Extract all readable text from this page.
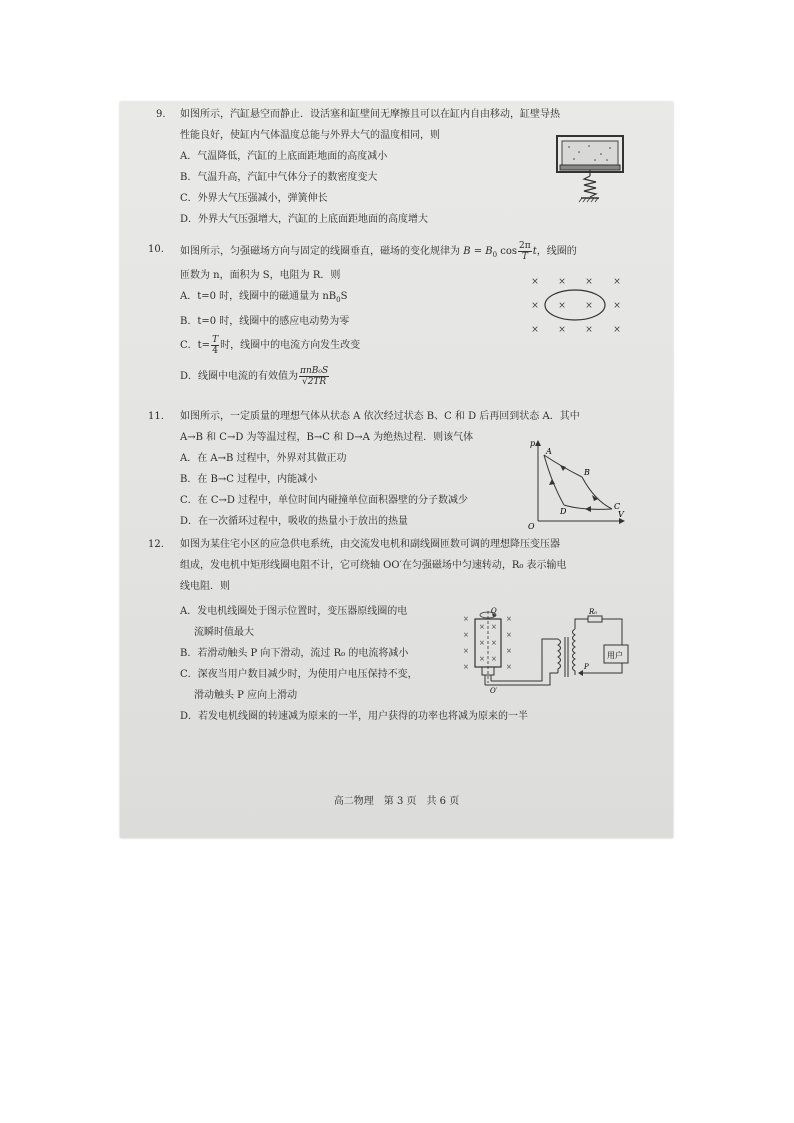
9. 如图所示，汽缸悬空而静止．设活塞和缸壁间无摩擦且可以在缸内自由移动，缸壁导热
性能良好，使缸内气体温度总能与外界大气的温度相同，则
A．气温降低，汽缸的上底面距地面的高度减小
B．气温升高，汽缸中气体分子的数密度变大
C．外界大气压强减小，弹簧伸长
D．外界大气压强增大，汽缸的上底面距地面的高度增大
10. 如图所示，匀强磁场方向与固定的线圈垂直，磁场的变化规律为 $B = B_0$ $\cos \frac{2\pi}{T}$ t，线圈的
匝数为 n，面积为 S，电阻为 R．则
A．t=0 时，线圈中的磁通量为 $nB_0S$
B．t=0 时，线圈中的感应电动势为零
C．$t= \frac{T}{4}$ 时，线圈中的电流方向发生改变
D．线圈中电流的有效值为 $\frac{\text{πnB₀S}}{√2TR}$
× × × ×
× × × ×
× × × ×
11. 如图所示，一定质量的理想气体从状态 A 依次经过状态 B、C 和 D 后再回到状态 A．其中
A→B 和 C→D 为等温过程，B→C 和 D→A 为绝热过程．则该气体
A．在 A→B 过程中，外界对其做正功
B．在 B→C 过程中，内能减小
C．在 C→D 过程中，单位时间内碰撞单位面积器壁的分子数减少
D．在一次循环过程中，吸收的热量小于放出的热量
p
V
O
A
B
C
D
12. 如图为某住宅小区的应急供电系统，由交流发电机和副线圈匝数可调的理想降压变压器
组成，发电机中矩形线圈电阻不计，它可绕轴 OO′在匀强磁场中匀速转动，R₀ 表示输电
线电阻．则
A．发电机线圈处于图示位置时，变压器原线圈的电
流瞬时值最大
B．若滑动触头 P 向下滑动，流过 R₀ 的电流将减小
C．深夜当用户数目减少时，为使用户电压保持不变，
滑动触头 P 应向上滑动
D．若发电机线圈的转速减为原来的一半，用户获得的功率也将减为原来的一半
×
×
×
×
×
×
×
×
× ×
× ×
× ×
O
O′
R₀
用户
P
高二物理　第 3 页　共 6 页
